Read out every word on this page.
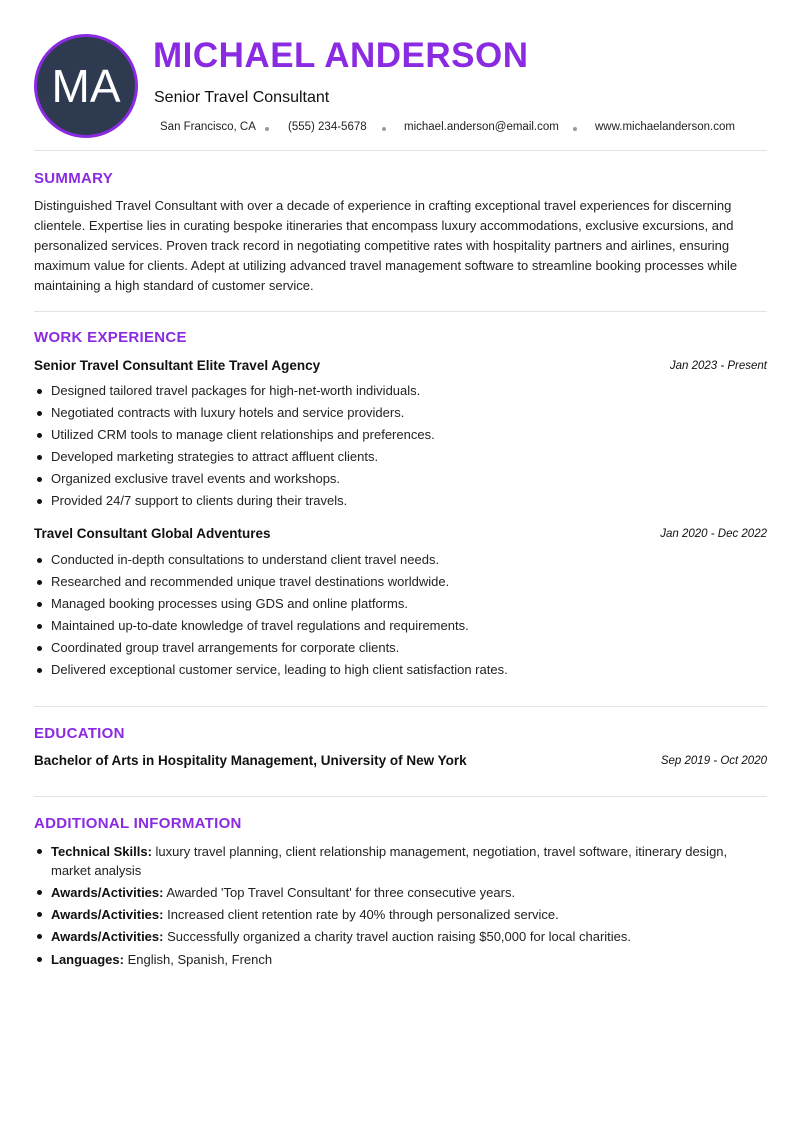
MA
MICHAEL ANDERSON
Senior Travel Consultant
San Francisco, CA	(555) 234-5678	michael.anderson@email.com	www.michaelanderson.com
SUMMARY

Distinguished Travel Consultant with over a decade of experience in crafting exceptional travel experiences for discerning clientele. Expertise lies in curating bespoke itineraries that encompass luxury accommodations, exclusive excursions, and personalized services. Proven track record in negotiating competitive rates with hospitality partners and airlines, ensuring maximum value for clients. Adept at utilizing advanced travel management software to streamline booking processes while maintaining a high standard of customer service.

WORK EXPERIENCE
Senior Travel Consultant Elite Travel Agency	Jan 2023 - Present
Designed tailored travel packages for high-net-worth individuals.
Negotiated contracts with luxury hotels and service providers.
Utilized CRM tools to manage client relationships and preferences.
Developed marketing strategies to attract affluent clients.
Organized exclusive travel events and workshops.
Provided 24/7 support to clients during their travels.
Travel Consultant Global Adventures	Jan 2020 - Dec 2022
Conducted in-depth consultations to understand client travel needs.
Researched and recommended unique travel destinations worldwide.
Managed booking processes using GDS and online platforms.
Maintained up-to-date knowledge of travel regulations and requirements.
Coordinated group travel arrangements for corporate clients.
Delivered exceptional customer service, leading to high client satisfaction rates.
EDUCATION
Bachelor of Arts in Hospitality Management, University of New York	Sep 2019 - Oct 2020
ADDITIONAL INFORMATION
Technical Skills: luxury travel planning, client relationship management, negotiation, travel software, itinerary design, market analysis
Awards/Activities: Awarded 'Top Travel Consultant' for three consecutive years.
Awards/Activities: Increased client retention rate by 40% through personalized service.
Awards/Activities: Successfully organized a charity travel auction raising $50,000 for local charities.
Languages: English, Spanish, French
